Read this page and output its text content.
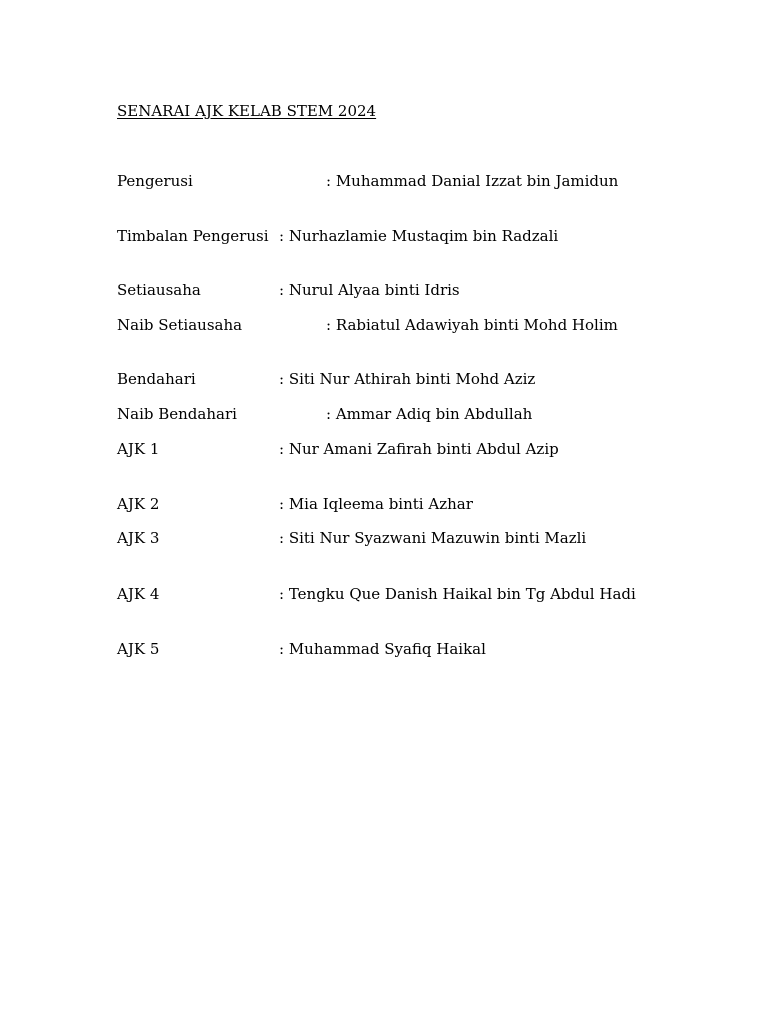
SENARAI AJK KELAB STEM 2024
Pengerusi	: Muhammad Danial Izzat bin Jamidun
Timbalan Pengerusi : Nurhazlamie Mustaqim bin Radzali
Setiausaha	: Nurul Alyaa binti Idris
Naib Setiausaha	: Rabiatul Adawiyah binti Mohd Holim
Bendahari	: Siti Nur Athirah binti Mohd Aziz
Naib Bendahari	: Ammar Adiq bin Abdullah
AJK 1	: Nur Amani Zafirah binti Abdul Azip
AJK 2	: Mia Iqleema binti Azhar
AJK 3	: Siti Nur Syazwani Mazuwin binti Mazli
AJK 4	: Tengku Que Danish Haikal bin Tg Abdul Hadi
AJK 5	: Muhammad Syafiq Haikal
